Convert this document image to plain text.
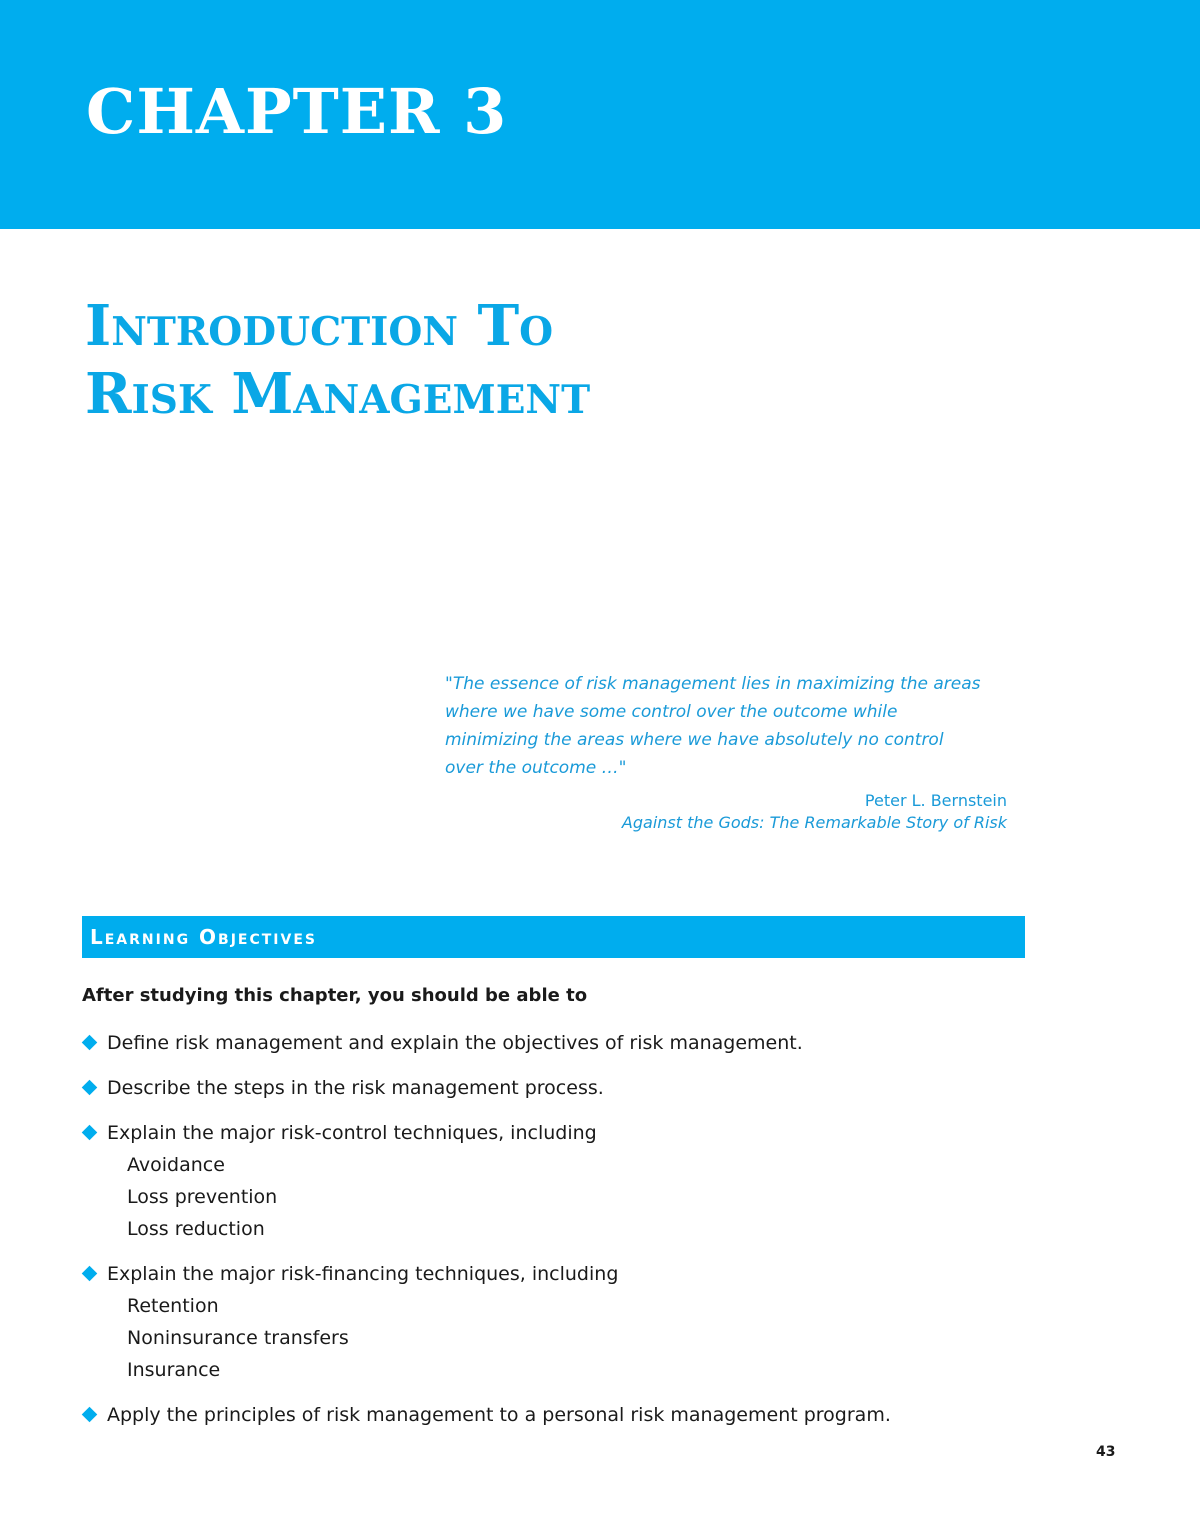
CHAPTER 3
Introduction To
Risk Management

"The essence of risk management lies in maximizing the areas where we have some control over the outcome while minimizing the areas where we have absolutely no control over the outcome …"

Peter L. Bernstein
Against the Gods: The Remarkable Story of Risk
Learning Objectives

After studying this chapter, you should be able to

Define risk management and explain the objectives of risk management.
Describe the steps in the risk management process.
Explain the major risk-control techniques, including
Avoidance
Loss prevention
Loss reduction
Explain the major risk-financing techniques, including
Retention
Noninsurance transfers
Insurance
Apply the principles of risk management to a personal risk management program.
43
